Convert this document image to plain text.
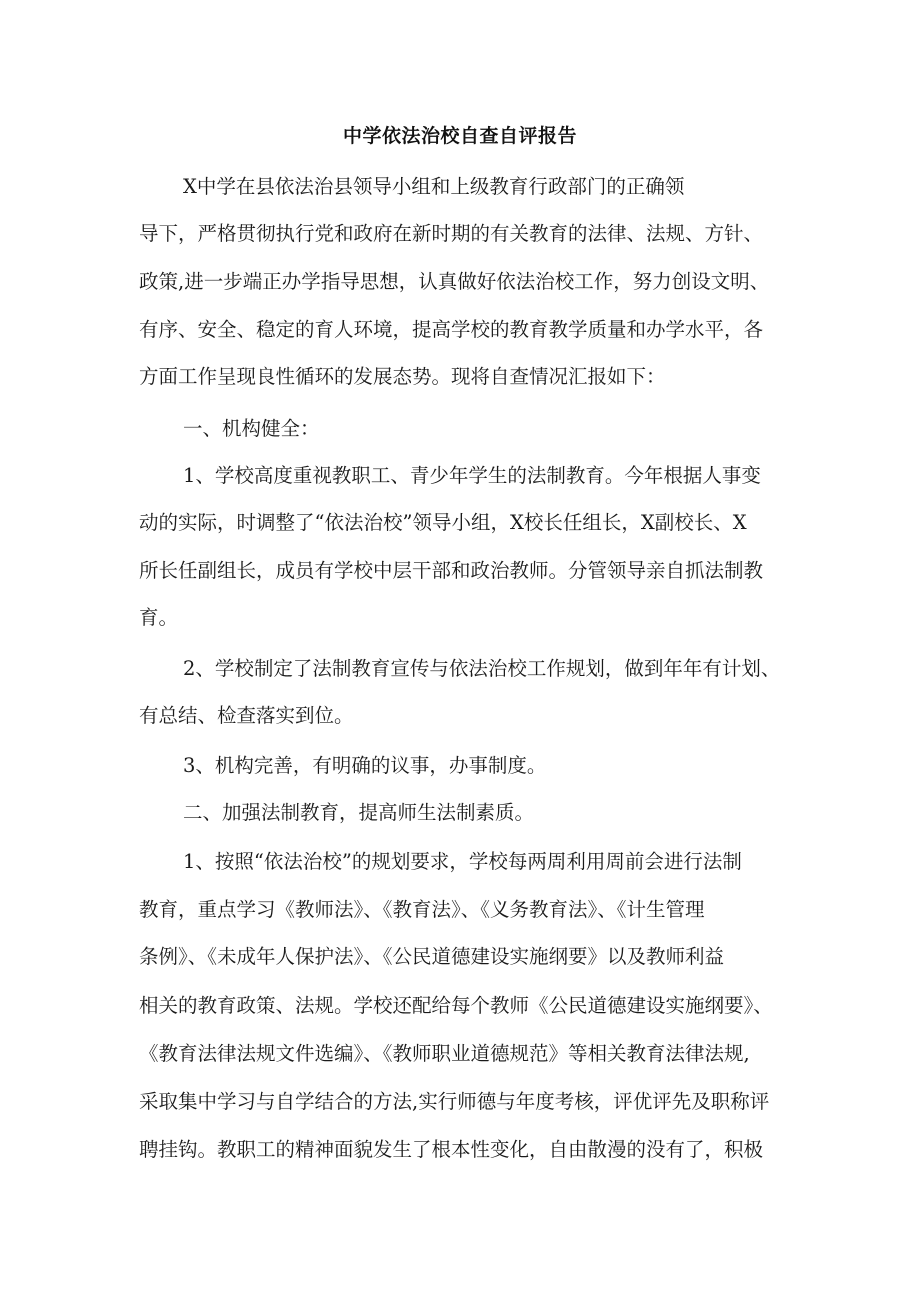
中学依法治校自查自评报告
X中学在县依法治县领导小组和上级教育行政部门的正确领
导下，严格贯彻执行党和政府在新时期的有关教育的法律、法规、方针、
政策,进一步端正办学指导思想，认真做好依法治校工作，努力创设文明、
有序、安全、稳定的育人环境，提高学校的教育教学质量和办学水平，各
方面工作呈现良性循环的发展态势。现将自查情况汇报如下：
一、机构健全：
1、学校高度重视教职工、青少年学生的法制教育。今年根据人事变
动的实际，时调整了“依法治校”领导小组，X校长任组长，X副校长、X
所长任副组长，成员有学校中层干部和政治教师。分管领导亲自抓法制教
育。
2、学校制定了法制教育宣传与依法治校工作规划，做到年年有计划、
有总结、检查落实到位。
3、机构完善，有明确的议事，办事制度。
二、加强法制教育，提高师生法制素质。
1、按照“依法治校”的规划要求，学校每两周利用周前会进行法制
教育，重点学习《教师法》、《教育法》、《义务教育法》、《计生管理
条例》、《未成年人保护法》、《公民道德建设实施纲要》以及教师利益
相关的教育政策、法规。学校还配给每个教师《公民道德建设实施纲要》、
《教育法律法规文件选编》、《教师职业道德规范》等相关教育法律法规,
采取集中学习与自学结合的方法,实行师德与年度考核，评优评先及职称评
聘挂钩。教职工的精神面貌发生了根本性变化，自由散漫的没有了，积极
